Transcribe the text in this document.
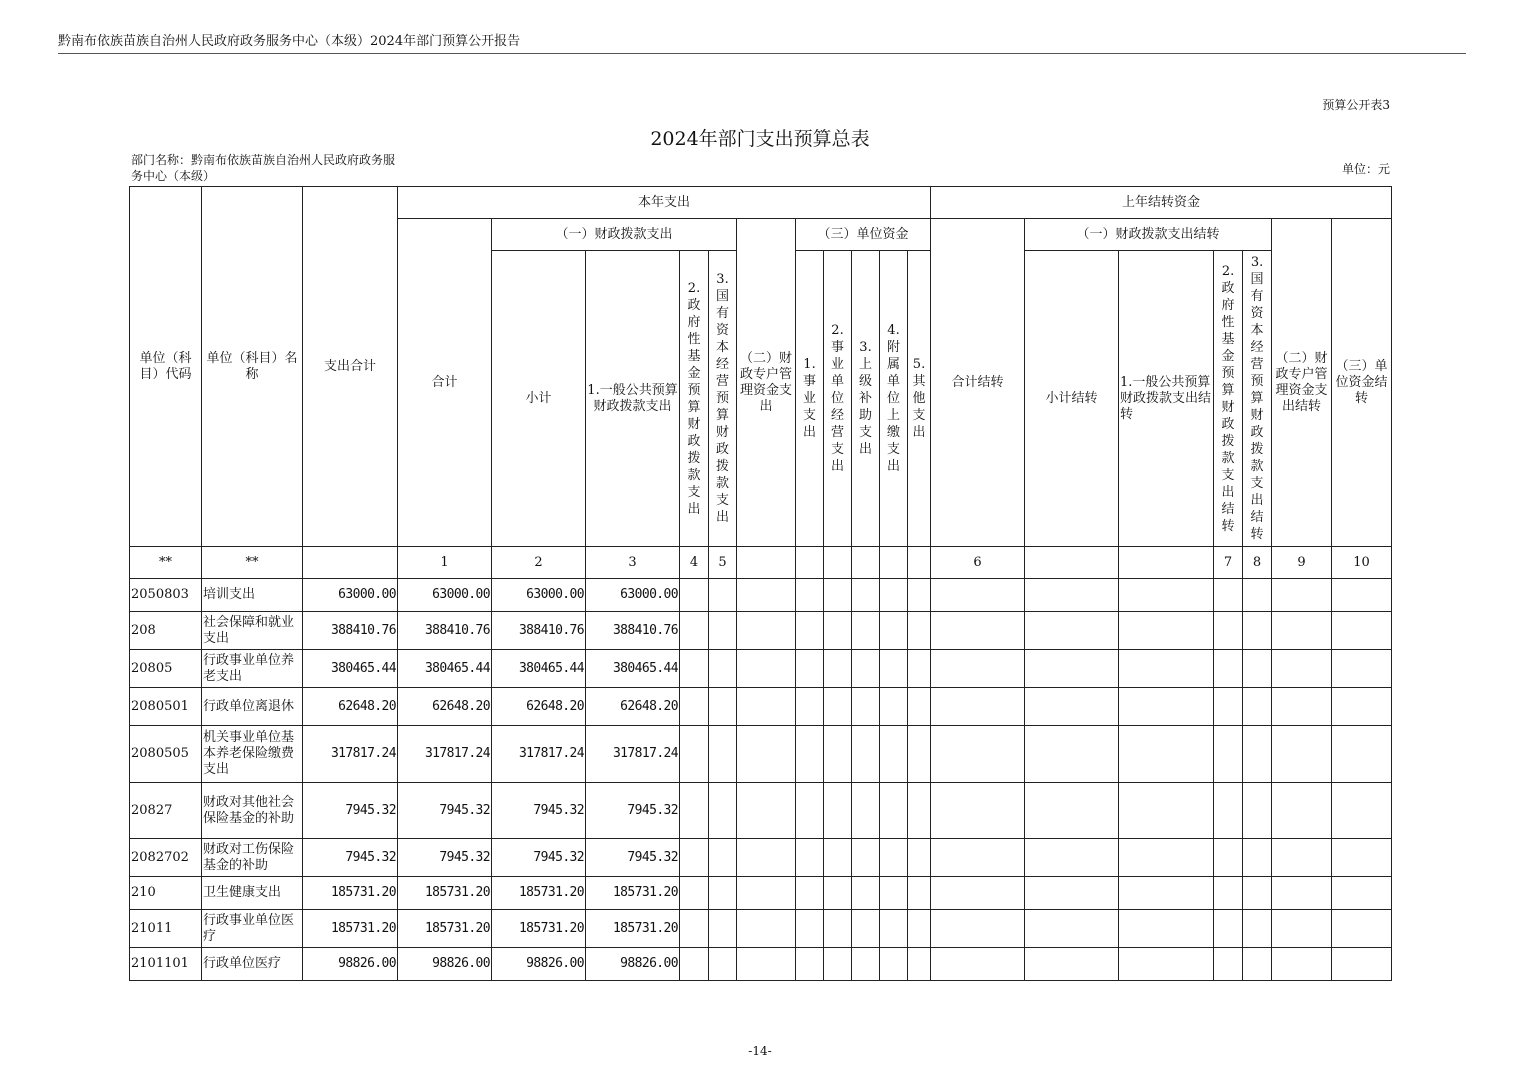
黔南布依族苗族自治州人民政府政务服务中心（本级）2024年部门预算公开报告
预算公开表3
2024年部门支出预算总表
部门名称：黔南布依族苗族自治州人民政府政务服务中心（本级）	单位：元
单位（科目）代码	单位（科目）名称	支出合计	本年支出											上年结转资金						
			合计	（一）财政拨款支出				（二）财政专户管理资金支出	（三）单位资金					合计结转	（一）财政拨款支出结转				（二）财政专户管理资金支出结转	（三）单位资金结转
				小计	1.一般公共预算财政拨款支出	2.政府性基金预算财政拨款支出	3.国有资本经营预算财政拨款支出		1.事业支出	2.事业单位经营支出	3.上级补助支出	4.附属单位上缴支出	5.其他支出		小计结转	1.一般公共预算财政拨款支出结转	2.政府性基金预算财政拨款支出结转	3.国有资本经营预算财政拨款支出结转		

**	**		1	2	3	4	5							6			7	8	9	10
2050803	培训支出	63000.00	63000.00	63000.00	63000.00															
208	社会保障和就业支出	388410.76	388410.76	388410.76	388410.76															
20805	行政事业单位养老支出	380465.44	380465.44	380465.44	380465.44															
2080501	行政单位离退休	62648.20	62648.20	62648.20	62648.20															
2080505	机关事业单位基本养老保险缴费支出	317817.24	317817.24	317817.24	317817.24															
20827	财政对其他社会保险基金的补助	7945.32	7945.32	7945.32	7945.32															
2082702	财政对工伤保险基金的补助	7945.32	7945.32	7945.32	7945.32															
210	卫生健康支出	185731.20	185731.20	185731.20	185731.20															
21011	行政事业单位医疗	185731.20	185731.20	185731.20	185731.20															
2101101	行政单位医疗	98826.00	98826.00	98826.00	98826.00															
-14-
